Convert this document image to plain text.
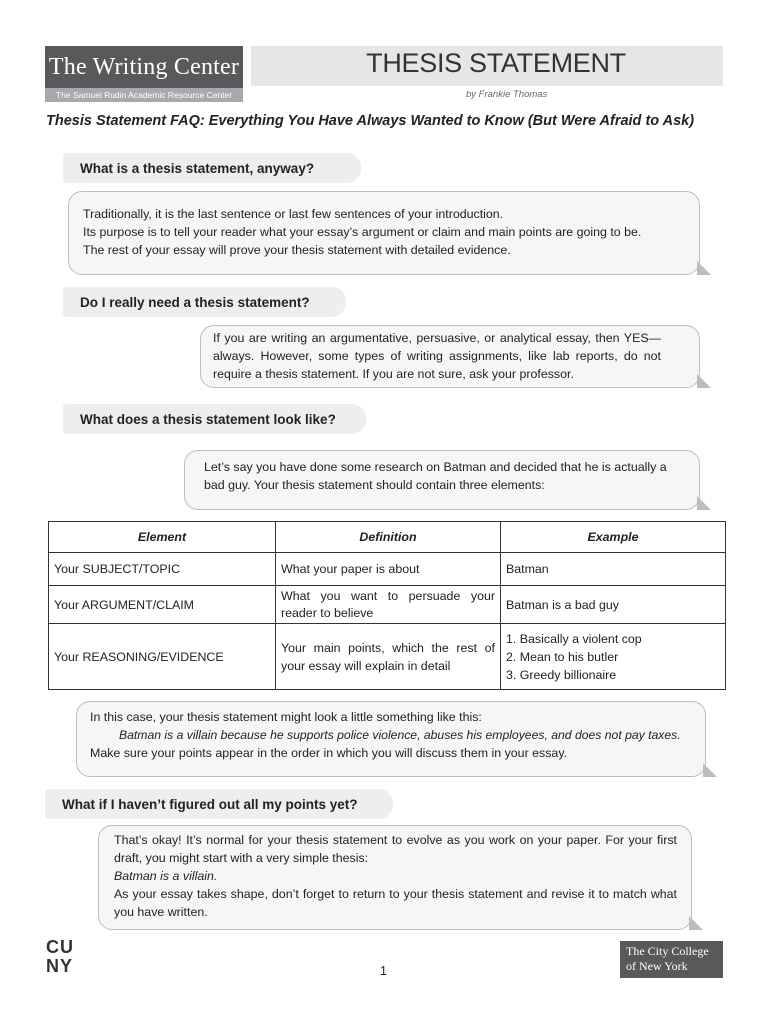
The Writing Center
The Samuel Rudin Academic Resource Center
THESIS STATEMENT
by Frankie Thomas
Thesis Statement FAQ: Everything You Have Always Wanted to Know (But Were Afraid to Ask)
What is a thesis statement, anyway?

Traditionally, it is the last sentence or last few sentences of your introduction.

Its purpose is to tell your reader what your essay’s argument or claim and main points are going to be.

The rest of your essay will prove your thesis statement with detailed evidence.

Do I really need a thesis statement?

If you are writing an argumentative, persuasive, or analytical essay, then YES—always. However, some types of writing assignments, like lab reports, do not require a thesis statement. If you are not sure, ask your professor.

What does a thesis statement look like?

Let’s say you have done some research on Batman and decided that he is actually a bad guy. Your thesis statement should contain three elements:

Element	Definition	Example
Your SUBJECT/TOPIC	What your paper is about	Batman
Your ARGUMENT/CLAIM	What you want to persuade your reader to believe	Batman is a bad guy
Your REASONING/EVIDENCE	Your main points, which the rest of your essay will explain in detail	1. Basically a violent cop
2. Mean to his butler
3. Greedy billionaire

In this case, your thesis statement might look a little something like this:

Batman is a villain because he supports police violence, abuses his employees, and does not pay taxes.

Make sure your points appear in the order in which you will discuss them in your essay.

What if I haven’t figured out all my points yet?

That’s okay! It’s normal for your thesis statement to evolve as you work on your paper. For your first draft, you might start with a very simple thesis:

Batman is a villain.

As your essay takes shape, don’t forget to return to your thesis statement and revise it to match what you have written.

CU
NY	1
The City College
of New York
